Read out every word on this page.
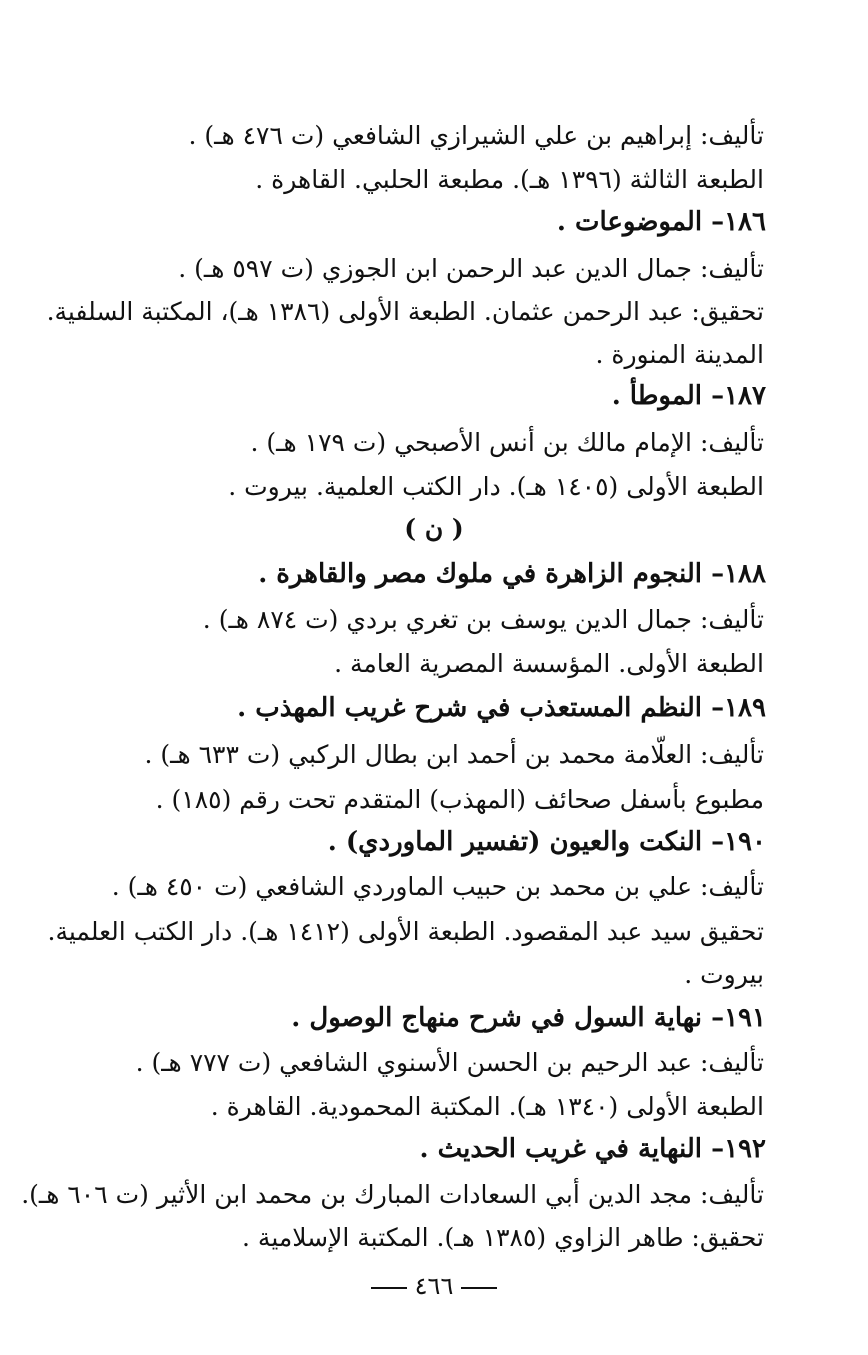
تأليف: إبراهيم بن علي الشيرازي الشافعي (ت ٤٧٦ هـ) .
الطبعة الثالثة (١٣٩٦ هـ). مطبعة الحلبي. القاهرة .
١٨٦– الموضوعات .
تأليف: جمال الدين عبد الرحمن ابن الجوزي (ت ٥٩٧ هـ) .
تحقيق: عبد الرحمن عثمان. الطبعة الأولى (١٣٨٦ هـ)، المكتبة السلفية.
المدينة المنورة .
١٨٧– الموطأ .
تأليف: الإمام مالك بن أنس الأصبحي (ت ١٧٩ هـ) .
الطبعة الأولى (١٤٠٥ هـ). دار الكتب العلمية. بيروت .
( ن )
١٨٨– النجوم الزاهرة في ملوك مصر والقاهرة .
تأليف: جمال الدين يوسف بن تغري بردي (ت ٨٧٤ هـ) .
الطبعة الأولى. المؤسسة المصرية العامة .
١٨٩– النظم المستعذب في شرح غريب المهذب .
تأليف: العلّامة محمد بن أحمد ابن بطال الركبي (ت ٦٣٣ هـ) .
مطبوع بأسفل صحائف (المهذب) المتقدم تحت رقم (١٨٥) .
١٩٠– النكت والعيون (تفسير الماوردي) .
تأليف: علي بن محمد بن حبيب الماوردي الشافعي (ت ٤٥٠ هـ) .
تحقيق سيد عبد المقصود. الطبعة الأولى (١٤١٢ هـ). دار الكتب العلمية.
بيروت .
١٩١– نهاية السول في شرح منهاج الوصول .
تأليف: عبد الرحيم بن الحسن الأسنوي الشافعي (ت ٧٧٧ هـ) .
الطبعة الأولى (١٣٤٠ هـ). المكتبة المحمودية. القاهرة .
١٩٢– النهاية في غريب الحديث .
تأليف: مجد الدين أبي السعادات المبارك بن محمد ابن الأثير (ت ٦٠٦ هـ).
تحقيق: طاهر الزاوي (١٣٨٥ هـ). المكتبة الإسلامية .
٤٦٦
